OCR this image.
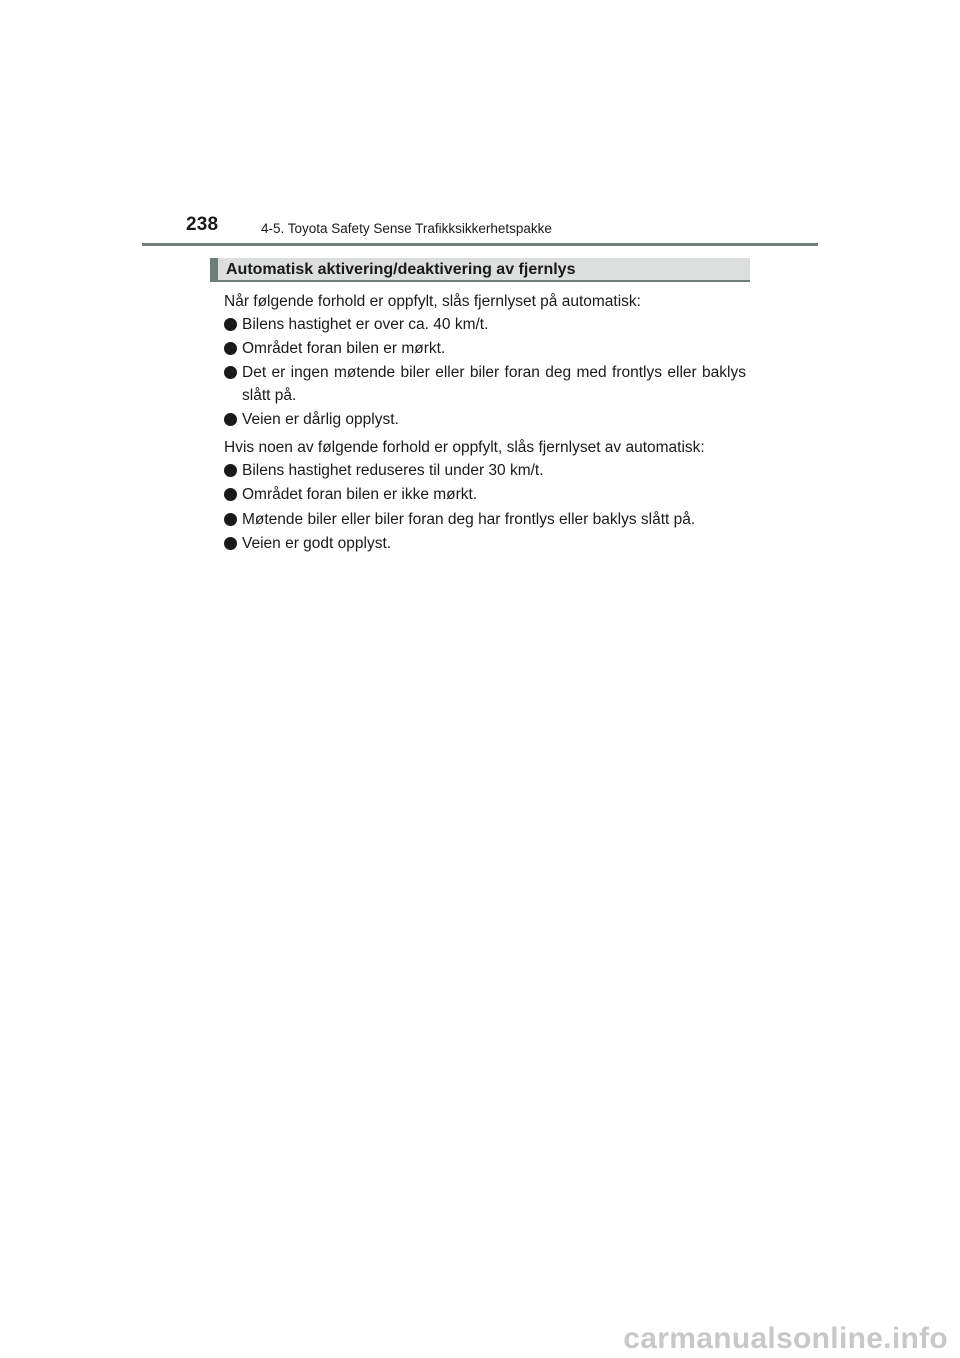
238	4-5. Toyota Safety Sense Trafikksikkerhetspakke
Automatisk aktivering/deaktivering av fjernlys
Når følgende forhold er oppfylt, slås fjernlyset på automatisk:
Bilens hastighet er over ca. 40 km/t.
Området foran bilen er mørkt.
Det er ingen møtende biler eller biler foran deg med frontlys eller baklys slått på.
Veien er dårlig opplyst.
Hvis noen av følgende forhold er oppfylt, slås fjernlyset av automatisk:
Bilens hastighet reduseres til under 30 km/t.
Området foran bilen er ikke mørkt.
Møtende biler eller biler foran deg har frontlys eller baklys slått på.
Veien er godt opplyst.
carmanualsonline.info
